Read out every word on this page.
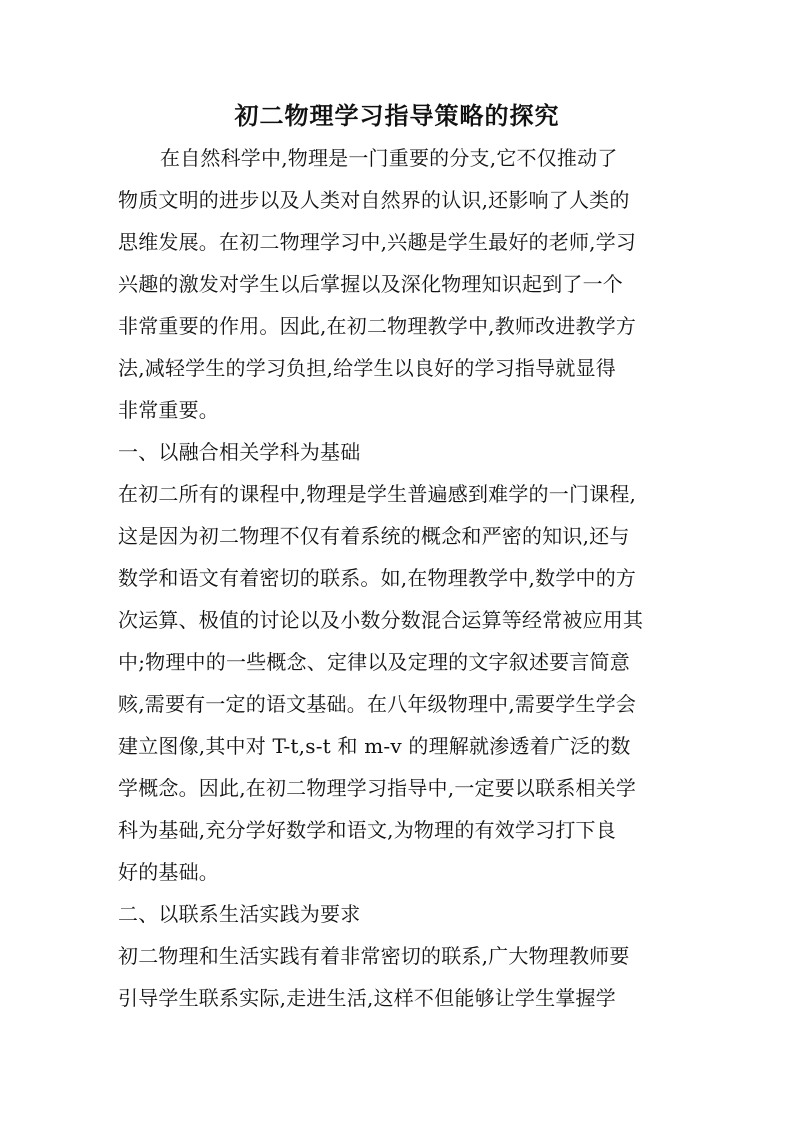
初二物理学习指导策略的探究
在自然科学中,物理是一门重要的分支,它不仅推动了
物质文明的进步以及人类对自然界的认识,还影响了人类的
思维发展。在初二物理学习中,兴趣是学生最好的老师,学习
兴趣的激发对学生以后掌握以及深化物理知识起到了一个
非常重要的作用。因此,在初二物理教学中,教师改进教学方
法,减轻学生的学习负担,给学生以良好的学习指导就显得
非常重要。
一、以融合相关学科为基础
在初二所有的课程中,物理是学生普遍感到难学的一门课程,
这是因为初二物理不仅有着系统的概念和严密的知识,还与
数学和语文有着密切的联系。如,在物理教学中,数学中的方
次运算、极值的讨论以及小数分数混合运算等经常被应用其
中;物理中的一些概念、定律以及定理的文字叙述要言简意
赅,需要有一定的语文基础。在八年级物理中,需要学生学会
建立图像,其中对 T-t,s-t 和 m-v 的理解就渗透着广泛的数
学概念。因此,在初二物理学习指导中,一定要以联系相关学
科为基础,充分学好数学和语文,为物理的有效学习打下良
好的基础。
二、以联系生活实践为要求
初二物理和生活实践有着非常密切的联系,广大物理教师要
引导学生联系实际,走进生活,这样不但能够让学生掌握学
